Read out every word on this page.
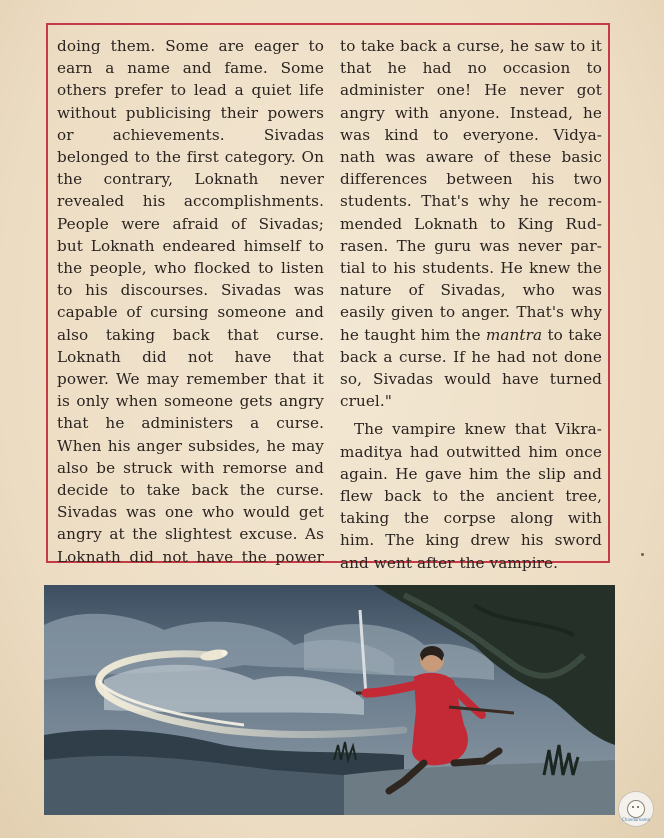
doing them. Some are eager to
earn a name and fame. Some
others prefer to lead a quiet life
without publicising their powers
or achievements. Sivadas
belonged to the first category. On
the contrary, Loknath never
revealed his accomplishments.
People were afraid of Sivadas;
but Loknath endeared himself to
the people, who flocked to listen
to his discourses. Sivadas was
capable of cursing someone and
also taking back that curse.
Loknath did not have that
power. We may remember that it
is only when someone gets angry
that he administers a curse.
When his anger subsides, he may
also be struck with remorse and
decide to take back the curse.
Sivadas was one who would get
angry at the slightest excuse. As
Loknath did not have the power
to take back a curse, he saw to it
that he had no occasion to
administer one! He never got
angry with anyone. Instead, he
was kind to everyone. Vidya-
nath was aware of these basic
differences between his two
students. That's why he recom-
mended Loknath to King Rud-
rasen. The guru was never par-
tial to his students. He knew the
nature of Sivadas, who was
easily given to anger. That's why
he taught him the mantra to take
back a curse. If he had not done
so, Sivadas would have turned
cruel."
The vampire knew that Vikra-
maditya had outwitted him once
again. He gave him the slip and
flew back to the ancient tree,
taking the corpse along with
him. The king drew his sword
and went after the vampire.
Chandamama
